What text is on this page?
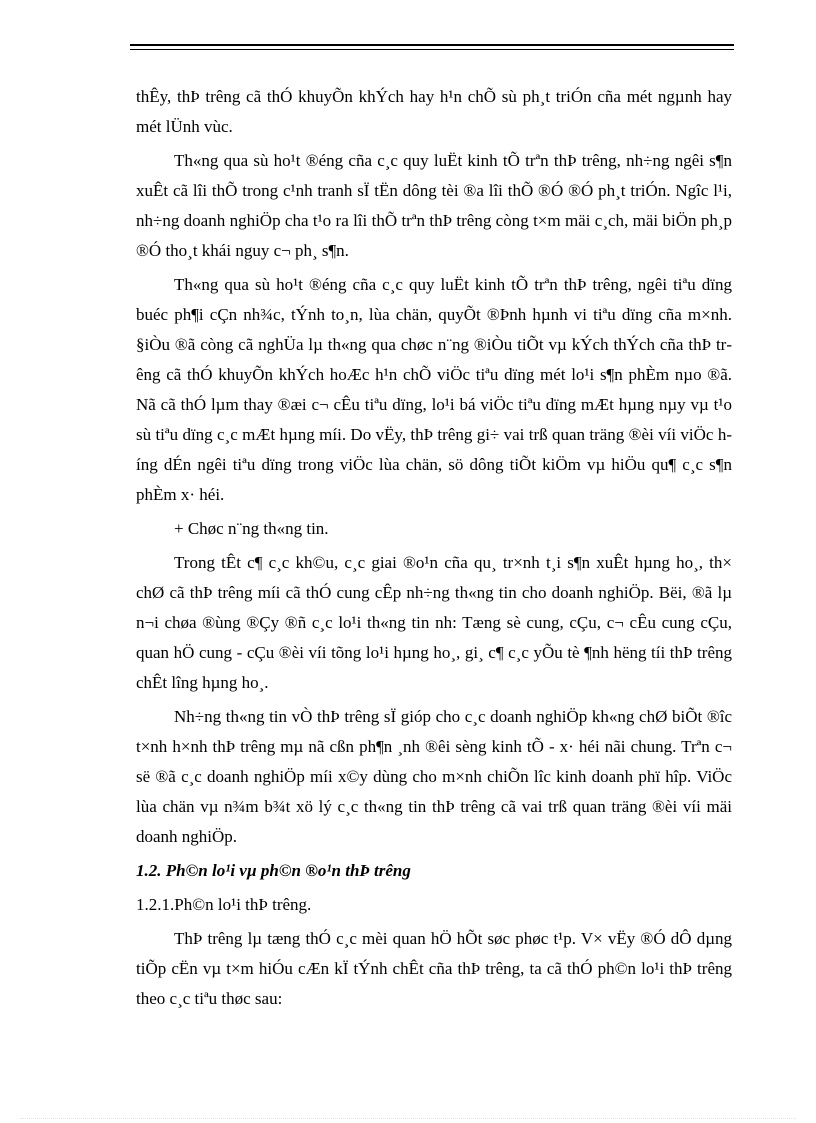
thÊy, thÞ trêng cã thÓ khuyÕn khÝch hay h¹n chÕ sù ph¸t triÓn cña mét ngµnh hay mét lÜnh vùc.

Th«ng qua sù ho¹t ®éng cña c¸c quy luËt kinh tÕ trªn thÞ trêng, nh÷ng ngêi s¶n xuÊt cã lîi thÕ trong c¹nh tranh sÏ tËn dông tèi ®a lîi thÕ ®Ó ®Ó ph¸t triÓn. Ngîc l¹i, nh÷ng doanh nghiÖp cha t¹o ra lîi thÕ trªn thÞ trêng còng t×m mäi c¸ch, mäi biÖn ph¸p ®Ó tho¸t khái nguy c¬ ph¸ s¶n.

Th«ng qua sù ho¹t ®éng cña c¸c quy luËt kinh tÕ trªn thÞ trêng, ngêi tiªu dïng buéc ph¶i cÇn nh¾c, tÝnh to¸n, lùa chän, quyÕt ®Þnh hµnh vi tiªu dïng cña m×nh. §iÒu ®ã còng cã nghÜa lµ th«ng qua chøc n¨ng ®iÒu tiÕt vµ kÝch thÝch cña thÞ trêng cã thÓ khuyÕn khÝch hoÆc h¹n chÕ viÖc tiªu dïng mét lo¹i s¶n phÈm nµo ®ã. Nã cã thÓ lµm thay ®æi c¬ cÊu tiªu dïng, lo¹i bá viÖc tiªu dïng mÆt hµng nµy vµ t¹o sù tiªu dïng c¸c mÆt hµng míi. Do vËy, thÞ trêng gi÷ vai trß quan träng ®èi víi viÖc híng dÉn ngêi tiªu dïng trong viÖc lùa chän, sö dông tiÕt kiÖm vµ hiÖu qu¶ c¸c s¶n phÈm x· héi.

+ Chøc n¨ng th«ng tin.

Trong tÊt c¶ c¸c kh©u, c¸c giai ®o¹n cña qu¸ tr×nh t¸i s¶n xuÊt hµng ho¸, th× chØ cã thÞ trêng míi cã thÓ cung cÊp nh÷ng th«ng tin cho doanh nghiÖp. Bëi, ®ã lµ n¬i chøa ®ùng ®Çy ®ñ c¸c lo¹i th«ng tin nh: Tæng sè cung, cÇu, c¬ cÊu cung cÇu, quan hÖ cung - cÇu ®èi víi tõng lo¹i hµng ho¸, gi¸ c¶ c¸c yÕu tè ¶nh hëng tíi thÞ trêng chÊt lîng hµng ho¸.

Nh÷ng th«ng tin vÒ thÞ trêng sÏ gióp cho c¸c doanh nghiÖp kh«ng chØ biÕt ®îc t×nh h×nh thÞ trêng mµ nã cßn ph¶n ¸nh ®êi sèng kinh tÕ - x· héi nãi chung. Trªn c¬ së ®ã c¸c doanh nghiÖp míi x©y dùng cho m×nh chiÕn lîc kinh doanh phï hîp. ViÖc lùa chän vµ n¾m b¾t xö lý c¸c th«ng tin thÞ trêng cã vai trß quan träng ®èi víi mäi doanh nghiÖp.

1.2. Ph©n lo¹i vµ ph©n ®o¹n thÞ trêng

1.2.1.Ph©n lo¹i thÞ trêng.

ThÞ trêng lµ tæng thÓ c¸c mèi quan hÖ hÕt søc phøc t¹p. V× vËy ®Ó dÔ dµng tiÕp cËn vµ t×m hiÓu cÆn kÏ tÝnh chÊt cña thÞ trêng, ta cã thÓ ph©n lo¹i thÞ trêng theo c¸c tiªu thøc sau:
